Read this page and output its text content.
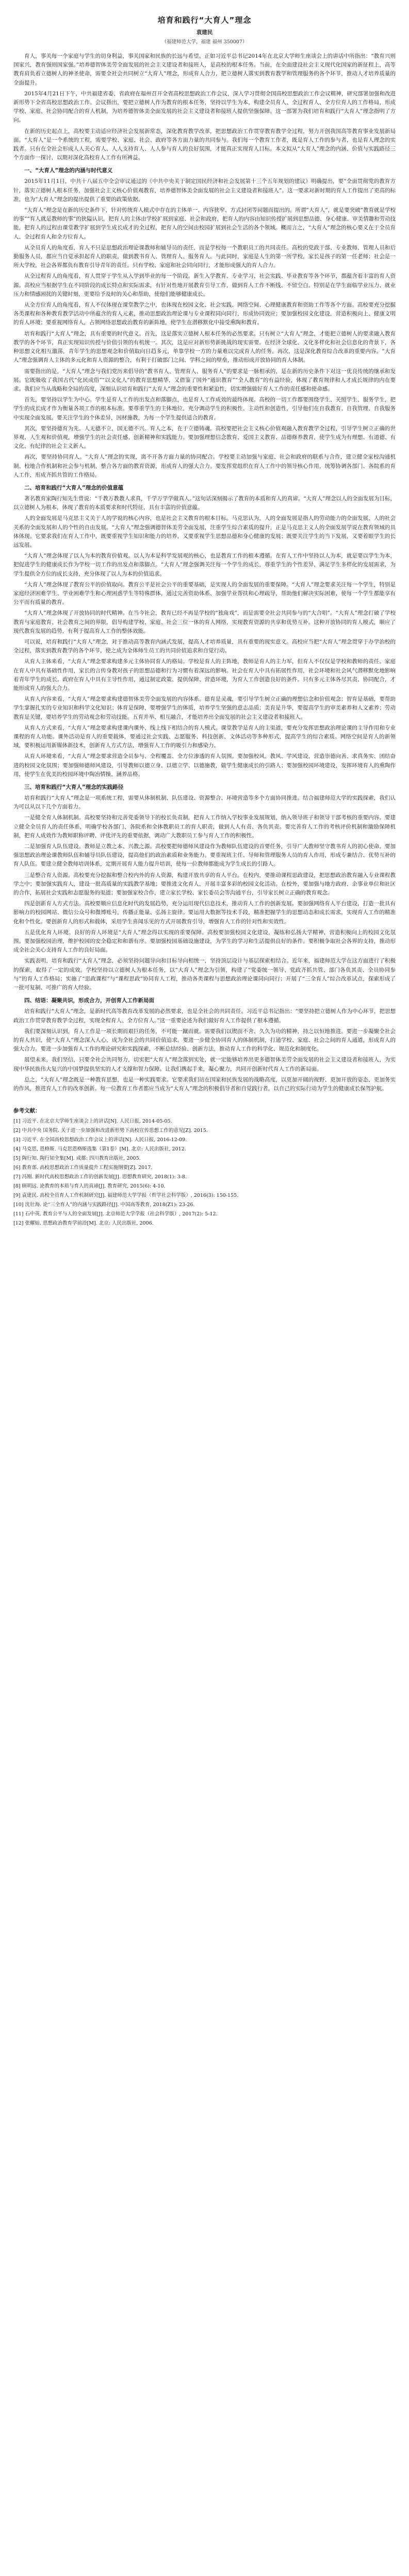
培育和践行“大育人”理念

袁建民

（福建师范大学，福建 福州 350007）

育人，事关每一个家庭与学生的切身利益，事关国家和民族的长远与希望。正如习近平总书记2014年在北京大学师生座谈会上的讲话中所指出：“教育兴则国家兴，教育强则国家强。”培养德智体美劳全面发展的社会主义建设者和接班人，是高校的根本任务。当前，在全面建设社会主义现代化国家的新征程上，高等教育肩负着立德树人的神圣使命，需要全社会共同树立“大育人”理念，形成育人合力，把立德树人落实到教育教学和管理服务的各个环节，推动人才培养质量的全面提升。

2015年4月21日下午，中共福建省委、省政府在福州召开全省高校思想政治工作会议，深入学习贯彻全国高校思想政治工作会议精神，研究部署加强和改进新形势下全省高校思想政治工作。会议指出，要把立德树人作为教育的根本任务，坚持以学生为本，构建全员育人、全过程育人、全方位育人的工作格局，形成学校、家庭、社会协同配合的育人机制，为培养德智体美全面发展的社会主义建设者和接班人提供坚强保障。这一部署为我们培育和践行“大育人”理念指明了方向。

在新的历史起点上，高校要主动适应经济社会发展新常态，深化教育教学改革，把思想政治工作贯穿教育教学全过程，努力开创我国高等教育事业发展新局面。“大育人”是一个系统的工程，需要学校、家庭、社会、政府等各方面力量的共同参与。我们每一个教育工作者，既是育人工作的参与者，也是育人理念的实践者。只有在全社会形成人人关心育人、人人支持育人、人人参与育人的良好氛围，才能真正实现育人目标。本文拟从“大育人”理念的内涵、价值与实践路径三个方面作一探讨，以期对深化高校育人工作有所裨益。

一、“大育人”理念的内涵与时代意义

2015年11月1日，中共十八届五中全会审议通过的《中共中央关于制定国民经济和社会发展第十三个五年规划的建议》明确提出，要“全面贯彻党的教育方针，落实立德树人根本任务，加强社会主义核心价值观教育，培养德智体美全面发展的社会主义建设者和接班人”。这一要求对新时期的育人工作提出了更高的标准，也为“大育人”理念的提出提供了重要的政策依据。

“大育人”理念是在新的历史条件下，针对传统育人模式中存在的主体单一、内容狭窄、方式封闭等问题而提出的。所谓“大育人”，就是要突破“教育就是学校的事”“育人就是教师的事”的狭隘认识，把育人的主体由学校扩展到家庭、社会和政府，把育人的内容由知识传授扩展到思想品德、身心健康、审美情趣和劳动技能，把育人的过程由课堂教学扩展到学生成长成才的全过程，把育人的空间由校园扩展到社会生活的各个领域。概而言之，“大育人”理念的核心要义在于全员育人、全过程育人和全方位育人。

从全员育人的角度看，育人不只是思想政治理论课教师和辅导员的责任，而是学校每一个教职员工的共同责任。高校的党政干部、专业教师、管理人员和后勤服务人员，都应当自觉承担起育人的职责，做到教书育人、管理育人、服务育人。与此同时，家庭是人生的第一所学校，家长是孩子的第一任老师；社会是一所大学校，社会各界都负有教育引导青年的责任。只有学校、家庭和社会同向同行，才能形成强大的育人合力。

从全过程育人的角度看，育人贯穿于学生从入学到毕业的每一个阶段。新生入学教育、专业学习、社会实践、毕业教育等各个环节，都蕴含着丰富的育人资源。高校应当根据学生在不同阶段的成长特点和实际需求，有针对性地开展教育引导工作，做到育人工作不断线、不留空白。特别是在学生面临学业压力、就业压力和情感困扰的关键时刻，更要给予及时的关心和帮助，使他们能够健康成长。

从全方位育人的角度看，育人不仅体现在课堂教学之中，也体现在校园文化、社会实践、网络空间、心理健康教育和资助工作等各个方面。高校要充分挖掘各类课程和各种教育教学活动中所蕴含的育人元素，推动思想政治理论课与专业课程同向同行，形成协同效应；要加强校园文化建设，营造积极向上、健康文明的育人环境；要重视网络育人，占领网络思想政治教育的新阵地，使学生在潜移默化中接受熏陶和教育。

培育和践行“大育人”理念，具有重要的时代意义。首先，这是落实立德树人根本任务的必然要求。只有树立“大育人”理念，才能把立德树人的要求融入教育教学的各个环节，真正实现知识传授与价值引领的有机统一。其次，这是应对新形势新挑战的现实需要。在经济全球化、文化多样化和社会信息化的背景下，各种思想文化相互激荡，青年学生的思想观念和价值取向日趋多元，单靠学校一方的力量难以完成育人的任务。再次，这是深化教育综合改革的重要内容。“大育人”理念强调育人主体的多元化和育人资源的整合，有利于打破部门之间、学科之间的壁垒，推动形成开放协同的育人体制。

需要指出的是，“大育人”理念与我们党历来倡导的“教书育人、管理育人、服务育人”的要求是一脉相承的，是在新的历史条件下对这一优良传统的继承和发展。它既吸收了我国古代“化民成俗”“以文化人”的教育思想精华，又借鉴了国外“通识教育”“全人教育”的有益经验，体现了教育规律和人才成长规律的内在要求。我们应当从战略和全局的高度，深刻认识培育和践行“大育人”理念的重要性和紧迫性，切实增强做好育人工作的责任感和使命感。

首先，要坚持以学生为中心。学生是育人工作的出发点和落脚点，也是育人工作成效的最终体现。高校的一切工作都要围绕学生、关照学生、服务学生，把学生的成长成才作为衡量各项工作的根本标准。要尊重学生的主体地位，充分调动学生的积极性、主动性和创造性，引导他们在自我教育、自我管理、自我服务中实现全面发展。要关注学生的个体差异，因材施教，为每一个学生提供适合的教育。

其次，要坚持德育为先。人无德不立，国无德不兴。育人之本，在于立德铸魂。高校要把社会主义核心价值观融入教育教学全过程，引导学生树立正确的世界观、人生观和价值观，增强学生的社会责任感、创新精神和实践能力。要加强理想信念教育、爱国主义教育、品德修养教育，使学生成为有理想、有道德、有文化、有纪律的社会主义新人。

再次，要坚持协同育人。“大育人”理念的实现，离不开各方面力量的协同配合。学校要主动加强与家庭、社会和政府的联系与合作，建立健全家校沟通机制、校地合作机制和社会参与机制，整合各方面的教育资源，形成育人的强大合力。要发挥党组织在育人工作中的领导核心作用，统筹协调各部门、各院系的育人工作，形成齐抓共管的工作格局。

二、培育和践行“大育人”理念的价值意蕴

著名教育家陶行知先生曾说：“千教万教教人求真，千学万学学做真人。”这句话深刻揭示了教育的本质和育人的真谛。“大育人”理念以人的全面发展为目标，以立德树人为根本，体现了教育的本质要求和时代特征，具有丰富的价值意蕴。

人的全面发展是马克思主义关于人的学说的核心内容，也是社会主义教育的根本目标。马克思认为，人的全面发展是指人的劳动能力的全面发展，人的社会关系的全面发展和人的个性的自由发展。“大育人”理念强调德智体美劳全面发展，注重学生综合素质的提升，正是马克思主义人的全面发展学说在教育领域的具体体现。它要求我们在育人工作中，既要重视学生知识和能力的培养，又要重视学生思想品德和身心健康的发展；既要关注学生的当下发展，又要着眼学生的长远发展。

“大育人”理念体现了以人为本的教育价值观。以人为本是科学发展观的核心，也是教育工作的根本遵循。在育人工作中坚持以人为本，就是要以学生为本，把促进学生的健康成长作为学校一切工作的出发点和落脚点。“大育人”理念强调关注每一个学生的成长，尊重学生的个性差异，满足学生多样化的发展需求，为学生提供全方位的成长支持，充分体现了以人为本的价值追求。

“大育人”理念体现了教育公平的价值取向。教育公平是社会公平的重要基础，是实现人的全面发展的重要保障。“大育人”理念要求关注每一个学生，特别是家庭经济困难学生、学业困难学生和心理困惑学生等特殊群体，通过完善资助体系、加强学业帮扶和心理疏导，帮助他们解决实际困难，使每一个学生都能享有公平而有质量的教育。

“大育人”理念体现了开放协同的时代精神。在当今社会，教育已经不再是学校的“独角戏”，而是需要全社会共同参与的“大合唱”。“大育人”理念打破了学校教育与家庭教育、社会教育之间的界限，倡导构建学校、家庭、社会三位一体的育人网络，实现教育资源的共享和优势互补。这种开放协同的育人模式，顺应了现代教育发展的趋势，有利于提高育人工作的整体效能。

可以说，培育和践行“大育人”理念，对于推动高等教育内涵式发展，提高人才培养质量，具有重要的现实意义。高校应当把“大育人”理念贯穿于办学治校的全过程，落实到教育教学的各个环节，使之成为全体师生员工的共同价值追求和自觉行动。

从育人主体来看，“大育人”理念要求构建多元主体协同育人的格局。学校是育人的主阵地，教师是育人的主力军，但育人不仅仅是学校和教师的责任。家庭在育人中具有基础性作用，家长的言传身教对孩子的思想品德和行为习惯有着深远的影响。社会在育人中具有拓展性作用，社会环境和社会风气潜移默化地影响着青年学生的成长。政府在育人中具有主导性作用，通过制定政策、提供保障、营造环境，为育人工作创造良好的条件。只有多元主体各尽其责、协同配合，才能形成育人的强大合力。

从育人内容来看，“大育人”理念要求构建德智体美劳全面发展的内容体系。德育是灵魂，要引导学生树立正确的理想信念和价值观念；智育是基础，要帮助学生掌握扎实的专业知识和科学文化知识；体育是保障，要增强学生的体质，培养学生坚强的意志品质；美育是升华，要提高学生的审美素养和人文素养；劳动教育是关键，要培养学生的劳动观念和劳动技能。五育并举、相互融合，才能培养出全面发展的社会主义建设者和接班人。

从育人方式来看，“大育人”理念要求构建课内课外、线上线下相结合的育人模式。课堂教学是育人的主渠道，要充分发挥思想政治理论课的主导作用和专业课程的育人功能。课外活动是育人的重要载体，要通过社会实践、志愿服务、科技创新、文体活动等多种形式，提高学生的综合素质。网络空间是育人的新领域，要积极运用新媒体新技术，创新育人方式方法，增强育人工作的吸引力和感染力。

从育人环境来看，“大育人”理念要求营造全员参与、全程覆盖、全方位渗透的育人氛围。要加强校风、教风、学风建设，营造崇德向善、求真务实、团结奋进的校园文化氛围；要加强师德师风建设，引导教师以德立身、以德立学、以德施教，做学生健康成长的引路人；要加强校园环境建设，发挥环境育人的熏陶作用，使学生在优美的校园环境中陶冶情操、涵养品格。

三、培育和践行“大育人”理念的实践路径

培育和践行“大育人”理念是一项系统工程，需要从体制机制、队伍建设、资源整合、环境营造等多个方面协同推进。结合福建师范大学的实践探索，我们认为可以从以下几个方面着力。

一是健全育人体制机制。高校要坚持和完善党委领导下的校长负责制，把育人工作纳入学校事业发展规划，纳入领导班子和领导干部考核的重要内容。要建立健全全员育人的责任体系，明确学校各部门、各院系和全体教职员工的育人职责，做到人人有责、各负其责。要完善育人工作的考核评价机制和激励保障机制，把育人成效作为教师职称评聘、评优评先的重要依据，调动广大教职员工参与育人工作的积极性。

二是加强育人队伍建设。教师是立教之本、兴教之源。高校要把师德师风建设作为教师队伍建设的首要任务，引导广大教师坚守教书育人的初心使命。要加强思想政治理论课教师队伍和辅导员队伍建设，提高他们的政治素质和业务能力。要重视班主任、导师和管理服务人员的育人作用，形成专兼结合、优势互补的育人队伍。要建立健全教师培训体系，定期开展育人能力提升培训，使每一位教师都能成为学生成长的引路人。

三是整合育人资源。高校要充分挖掘和整合校内外的育人资源，构建开放共享的育人平台。在校内，要推动课程思政建设，把思想政治教育融入专业课程教学之中；要加强实践育人，建设一批高质量的实践教学基地；要推进文化育人，开展丰富多彩的校园文化活动。在校外，要加强与地方政府、企事业单位和社区的合作，拓展社会实践和志愿服务的渠道；要加强家校合作，建立家长学校、家长委员会等沟通平台，引导家长树立正确的教育观念。

四是创新育人方式方法。高校要顺应信息化时代的发展趋势，充分运用现代信息技术，推动育人工作的创新发展。要加强网络育人平台建设，打造一批具有影响力的校园网站、微信公众号和微博账号，传播正能量、弘扬主旋律。要运用大数据等技术手段，精准把握学生的思想动态和成长需求，实现育人工作的精准化和个性化。要创新育人的形式和载体，采用学生喜闻乐见的方式开展教育引导，增强育人工作的针对性和实效性。

五是优化育人环境。良好的育人环境是“大育人”理念得以实现的重要保障。高校要加强校园文化建设，凝练和弘扬大学精神，营造积极向上的校园文化氛围。要加强校园治理，维护校园的安全稳定和和谐有序。要加强校园基础设施建设，为学生的学习和生活提供良好的条件。要积极争取社会各界的支持，推动形成全社会关心支持育人工作的良好局面。

实践表明，培育和践行“大育人”理念，必须坚持问题导向和目标导向相统一，坚持顶层设计与基层探索相结合。近年来，福建师范大学在这方面进行了积极的探索，取得了一定的成效。学校坚持以立德树人为根本任务，以“大育人”理念为引领，构建了“党委统一领导、党政齐抓共管、部门各负其责、全员协同参与”的育人工作格局；实施了“思政课程”与“课程思政”协同育人工程，推动各类课程与思想政治理论课同向同行；开展了“三全育人”综合改革试点，探索形成了一批可复制、可推广的育人经验。

四、结语：凝聚共识，形成合力，开创育人工作新局面

培育和践行“大育人”理念，是新时代高等教育改革发展的必然要求，也是全社会的共同责任。习近平总书记指出：“要坚持把立德树人作为中心环节，把思想政治工作贯穿教育教学全过程，实现全程育人、全方位育人。”这一重要论述为我们做好育人工作提供了根本遵循。

我们要深刻认识到，育人工作是一项长期而艰巨的任务，不可能一蹴而就。需要我们以锲而不舍、久久为功的精神，持之以恒地推进。要进一步凝聚全社会的育人共识，使“大育人”理念深入人心，成为全社会的共同价值追求。要进一步健全协同育人的体制机制，打通学校、家庭、社会之间的育人通道，形成育人的强大合力。要进一步加强育人工作的理论研究和实践探索，不断总结经验、创新方法，推动育人工作的科学化、规范化和制度化。

展望未来，我们坚信，只要全社会共同努力，切实把“大育人”理念落到实处，就一定能够培养出更多德智体美劳全面发展的社会主义建设者和接班人，为实现中华民族伟大复兴的中国梦提供坚实的人才支撑和智力保障。让我们携起手来，凝心聚力，共同开创新时代育人工作的新局面。

总之，“大育人”理念既是一种教育思想，也是一种实践要求。它要求我们站在国家和民族发展的战略高度，以更加开阔的视野、更加开放的姿态、更加务实的作风，推进育人工作的改革创新。每一位教育工作者都应当成为“大育人”理念的积极倡导者和自觉践行者，以自己的实际行动为学生的健康成长保驾护航。

参考文献：

[1] 习近平. 在北京大学师生座谈会上的讲话[N]. 人民日报, 2014-05-05.

[2] 中共中央 国务院. 关于进一步加强和改进新形势下高校宣传思想工作的意见[Z]. 2015.

[3] 习近平. 在全国高校思想政治工作会议上的讲话[N]. 人民日报, 2016-12-09.

[4] 马克思, 恩格斯. 马克思恩格斯选集（第1卷）[M]. 北京: 人民出版社, 2012.

[5] 陶行知. 陶行知全集[M]. 成都: 四川教育出版社, 2005.

[6] 教育部. 高校思想政治工作质量提升工程实施纲要[Z]. 2017.

[7] 冯刚. 新时代高校思想政治工作的创新发展[J]. 思想教育研究, 2018(1): 3-8.

[8] 顾明远. 论教育的本质与育人的真谛[J]. 教育研究, 2015(6): 4-10.

[9] 袁建民. 高校全员育人工作机制研究[J]. 福建师范大学学报（哲学社会科学版）, 2016(3): 150-155.

[10] 沈壮海. 论“三全育人”的内涵与实践路径[J]. 中国高等教育, 2018(Z1): 23-26.

[11] 石中英. 教育公平与人的全面发展[J]. 北京师范大学学报（社会科学版）, 2017(2): 5-12.

[12] 张耀灿. 思想政治教育学前沿[M]. 北京: 人民出版社, 2006.
